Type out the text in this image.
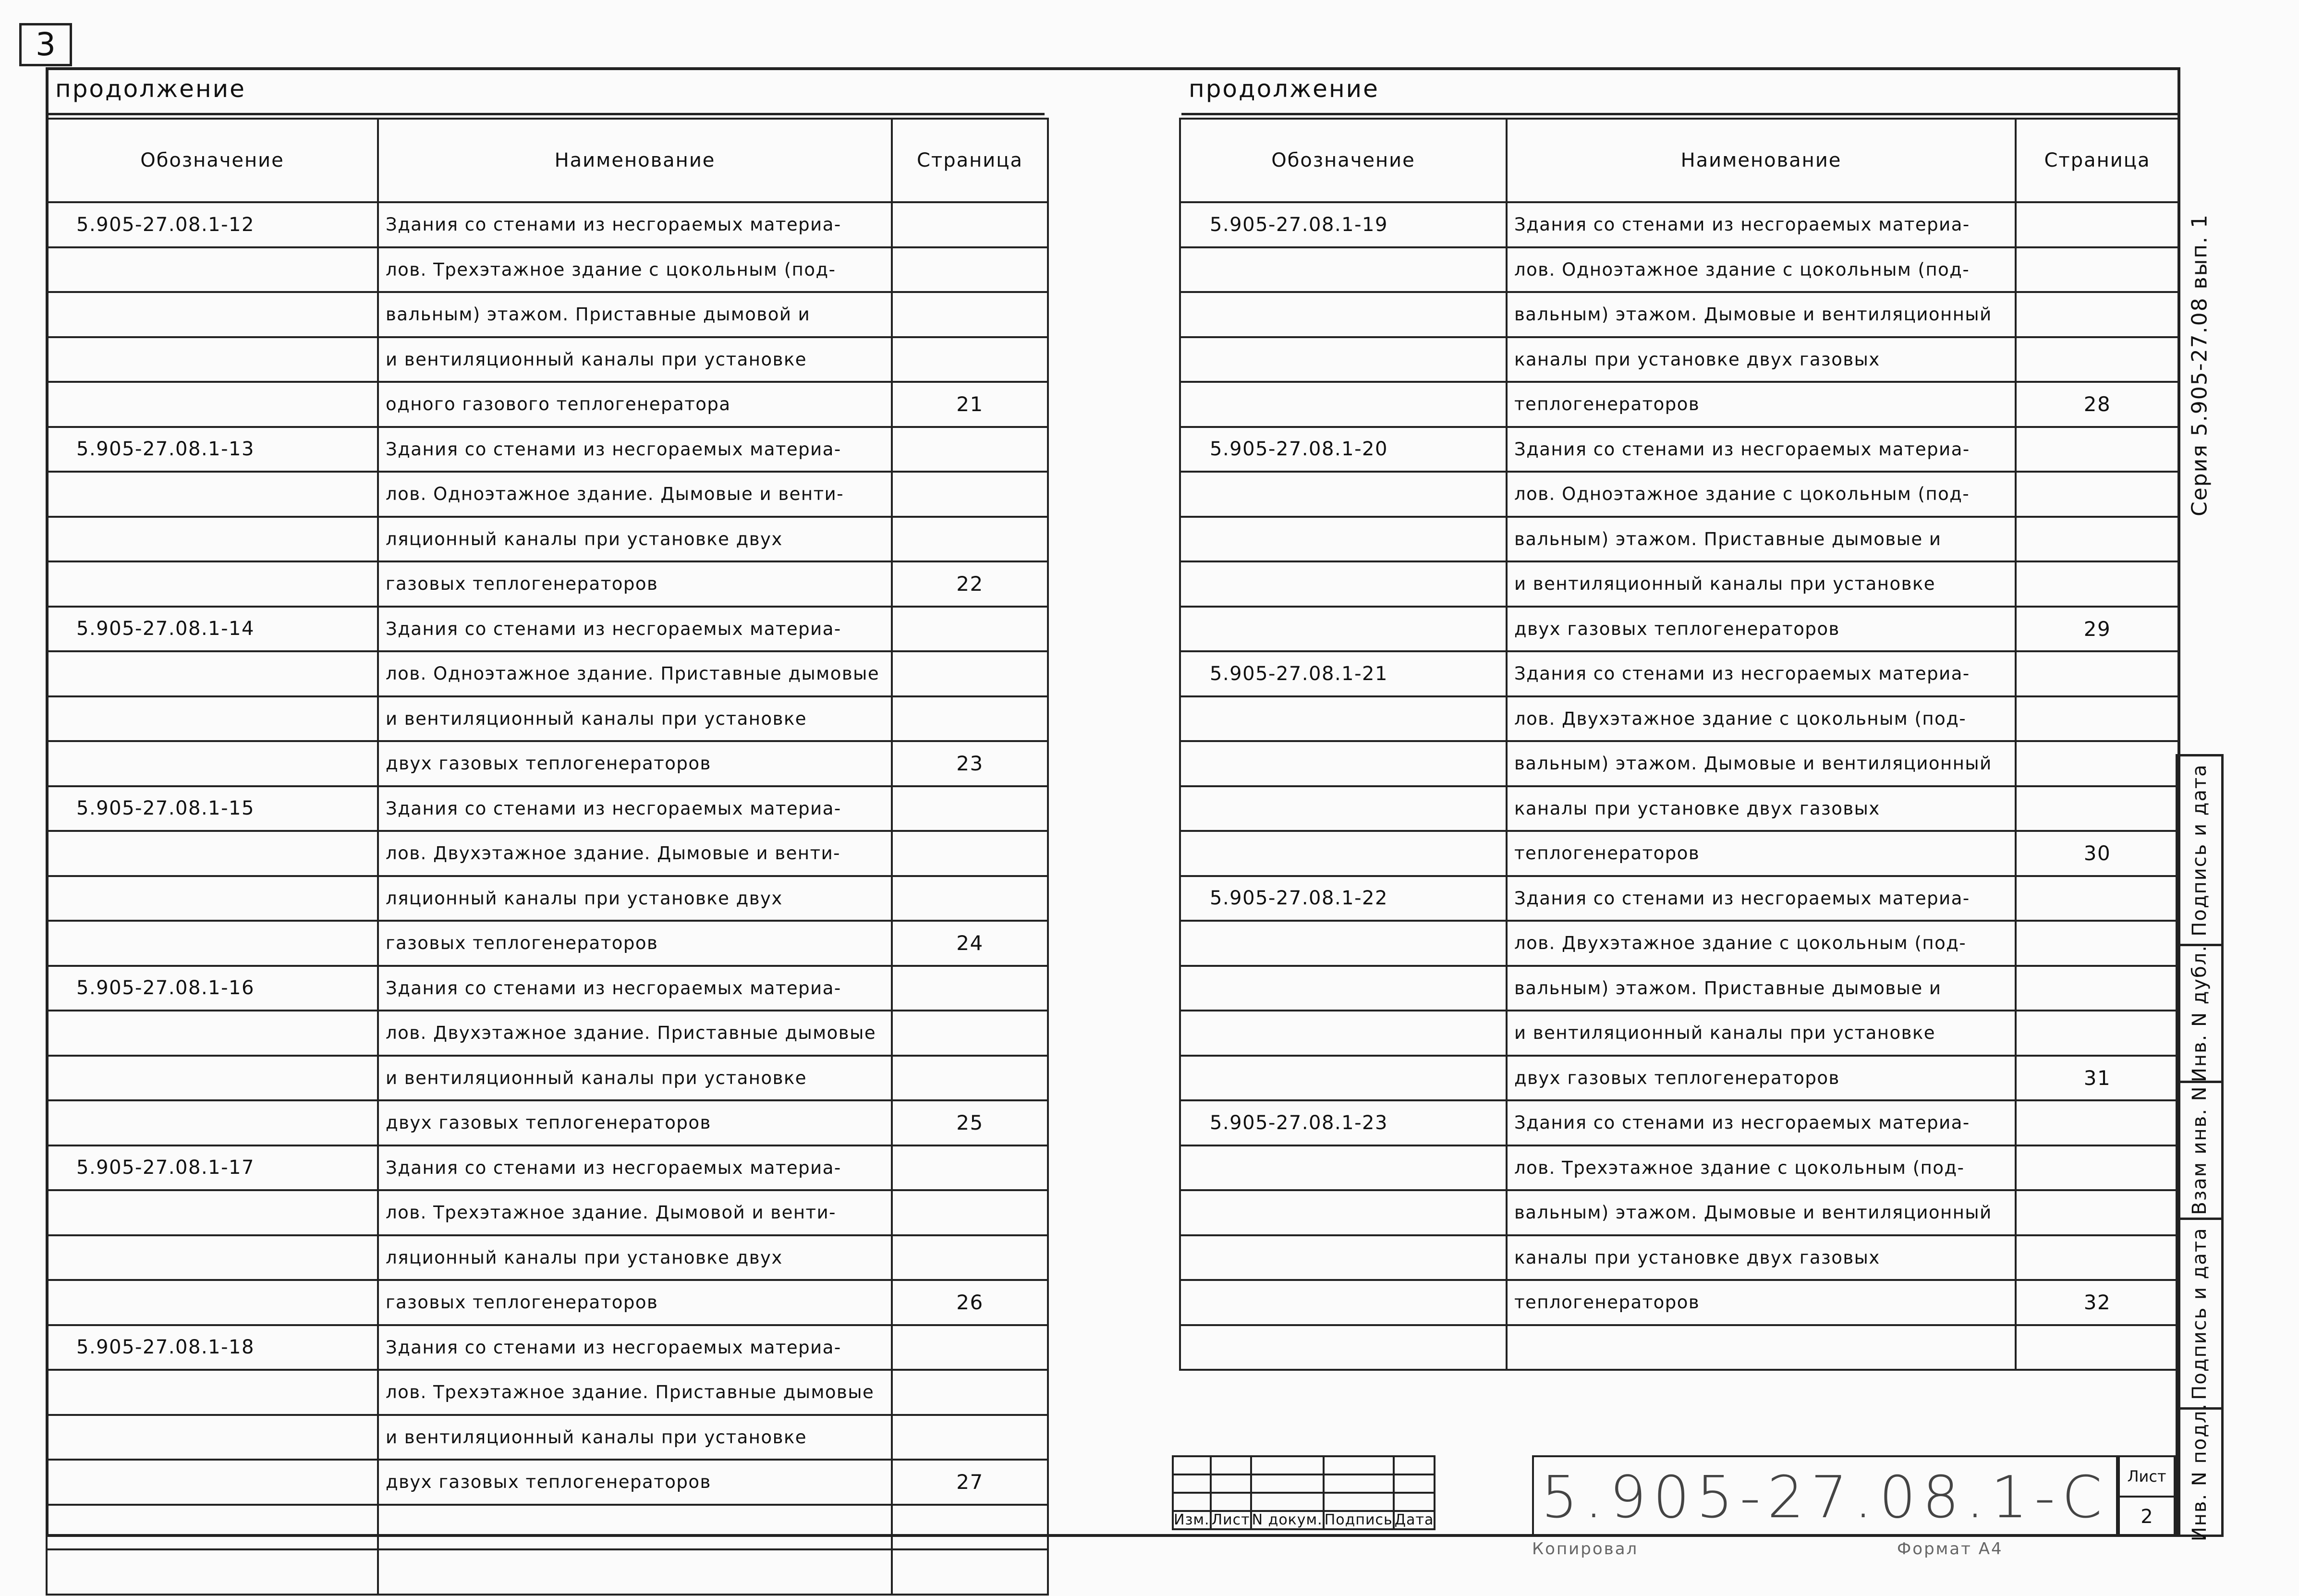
3
продолжение
Обозначение	Наименование	Страница
5.905-27.08.1-12	Здания со стенами из несгораемых материа-	
	лов. Трехэтажное здание с цокольным (под-	
	вальным) этажом. Приставные дымовой и	
	и вентиляционный каналы при установке	
	одного газового теплогенератора	21
5.905-27.08.1-13	Здания со стенами из несгораемых материа-	
	лов. Одноэтажное здание. Дымовые и венти-	
	ляционный каналы при установке двух	
	газовых теплогенераторов	22
5.905-27.08.1-14	Здания со стенами из несгораемых материа-	
	лов. Одноэтажное здание. Приставные дымовые	
	и вентиляционный каналы при установке	
	двух газовых теплогенераторов	23
5.905-27.08.1-15	Здания со стенами из несгораемых материа-	
	лов. Двухэтажное здание. Дымовые и венти-	
	ляционный каналы при установке двух	
	газовых теплогенераторов	24
5.905-27.08.1-16	Здания со стенами из несгораемых материа-	
	лов. Двухэтажное здание. Приставные дымовые	
	и вентиляционный каналы при установке	
	двух газовых теплогенераторов	25
5.905-27.08.1-17	Здания со стенами из несгораемых материа-	
	лов. Трехэтажное здание. Дымовой и венти-	
	ляционный каналы при установке двух	
	газовых теплогенераторов	26
5.905-27.08.1-18	Здания со стенами из несгораемых материа-	
	лов. Трехэтажное здание. Приставные дымовые	
	и вентиляционный каналы при установке	
	двух газовых теплогенераторов	27

продолжение
Обозначение	Наименование	Страница
5.905-27.08.1-19	Здания со стенами из несгораемых материа-	
	лов. Одноэтажное здание с цокольным (под-	
	вальным) этажом. Дымовые и вентиляционный	
	каналы при установке двух газовых	
	теплогенераторов	28
5.905-27.08.1-20	Здания со стенами из несгораемых материа-	
	лов. Одноэтажное здание с цокольным (под-	
	вальным) этажом. Приставные дымовые и	
	и вентиляционный каналы при установке	
	двух газовых теплогенераторов	29
5.905-27.08.1-21	Здания со стенами из несгораемых материа-	
	лов. Двухэтажное здание с цокольным (под-	
	вальным) этажом. Дымовые и вентиляционный	
	каналы при установке двух газовых	
	теплогенераторов	30
5.905-27.08.1-22	Здания со стенами из несгораемых материа-	
	лов. Двухэтажное здание с цокольным (под-	
	вальным) этажом. Приставные дымовые и	
	и вентиляционный каналы при установке	
	двух газовых теплогенераторов	31
5.905-27.08.1-23	Здания со стенами из несгораемых материа-	
	лов. Трехэтажное здание с цокольным (под-	
	вальным) этажом. Дымовые и вентиляционный	
	каналы при установке двух газовых	
	теплогенераторов	32

Серия 5.905-27.08 вып. 1
Подпись и дата
Инв. N дубл.
Взам инв. N
Подпись и дата
Инв. N подл.

Изм.	Лист	N докум.	Подпись	Дата 5.905-27.08.1-С	Лист
2
Копировал	Формат А4
